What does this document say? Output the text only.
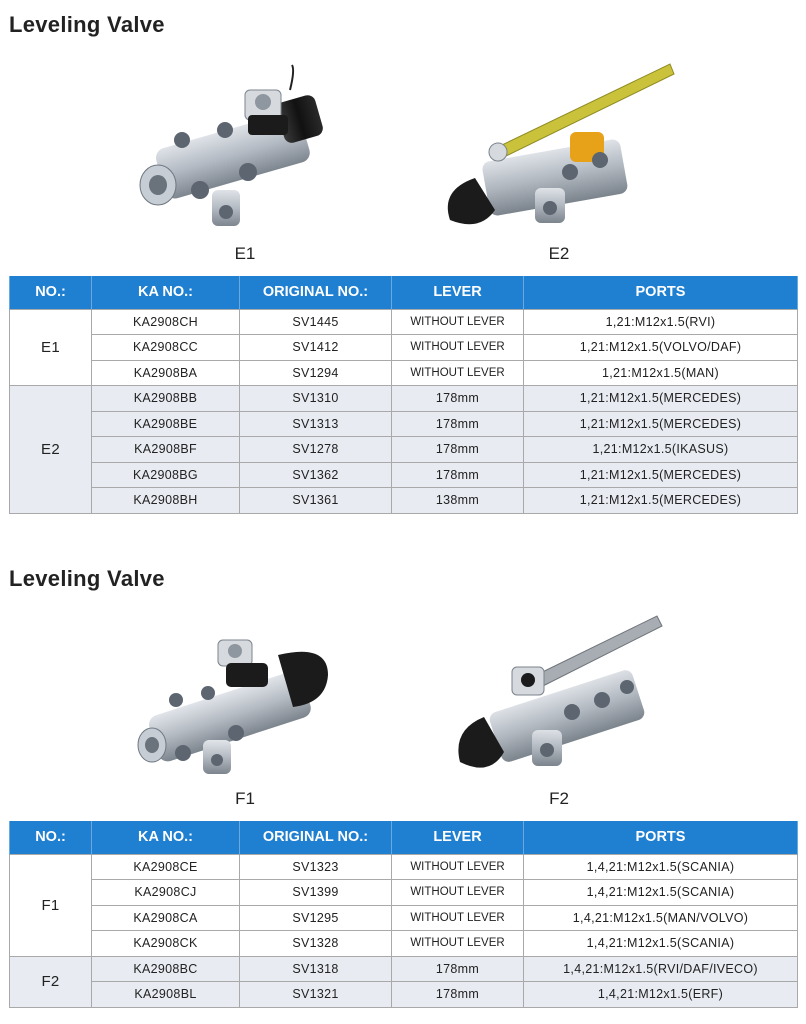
Leveling Valve
E1	E2
NO.:	KA NO.:	ORIGINAL NO.:	LEVER	PORTS
E1	KA2908CH	SV1445	WITHOUT LEVER	1,21:M12x1.5(RVI)
	KA2908CC	SV1412	WITHOUT LEVER	1,21:M12x1.5(VOLVO/DAF)
	KA2908BA	SV1294	WITHOUT LEVER	1,21:M12x1.5(MAN)
E2	KA2908BB	SV1310	178mm	1,21:M12x1.5(MERCEDES)
	KA2908BE	SV1313	178mm	1,21:M12x1.5(MERCEDES)
	KA2908BF	SV1278	178mm	1,21:M12x1.5(IKASUS)
	KA2908BG	SV1362	178mm	1,21:M12x1.5(MERCEDES)
	KA2908BH	SV1361	138mm	1,21:M12x1.5(MERCEDES)
Leveling Valve
F1	F2
NO.:	KA NO.:	ORIGINAL NO.:	LEVER	PORTS
F1	KA2908CE	SV1323	WITHOUT LEVER	1,4,21:M12x1.5(SCANIA)
	KA2908CJ	SV1399	WITHOUT LEVER	1,4,21:M12x1.5(SCANIA)
	KA2908CA	SV1295	WITHOUT LEVER	1,4,21:M12x1.5(MAN/VOLVO)
	KA2908CK	SV1328	WITHOUT LEVER	1,4,21:M12x1.5(SCANIA)
F2	KA2908BC	SV1318	178mm	1,4,21:M12x1.5(RVI/DAF/IVECO)
	KA2908BL	SV1321	178mm	1,4,21:M12x1.5(ERF)
